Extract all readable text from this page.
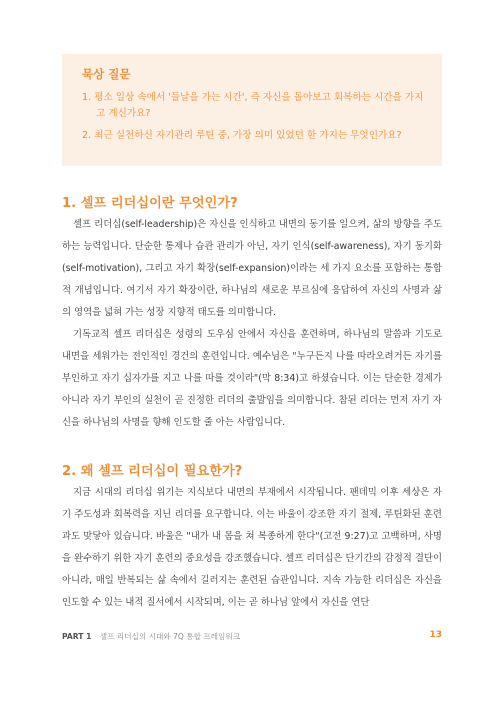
묵상 질문

1. 평소 일상 속에서 '들날을 가는 시간', 즉 자신을 돌아보고 회복하는 시간을 가지고 계신가요?

2. 최근 실천하신 자기관리 루틴 중, 가장 의미 있었던 한 가지는 무엇인가요?

1. 셀프 리더십이란 무엇인가?

셀프 리더십(self-leadership)은 자신을 인식하고 내면의 동기를 일으켜, 삶의 방향을 주도하는 능력입니다. 단순한 통제나 습관 관리가 아닌, 자기 인식(self-awareness), 자기 동기화(self-motivation), 그리고 자기 확장(self-expansion)이라는 세 가지 요소를 포함하는 통합적 개념입니다. 여기서 자기 확장이란, 하나님의 새로운 부르심에 응답하여 자신의 사명과 삶의 영역을 넓혀 가는 성장 지향적 태도를 의미합니다.

기독교적 셀프 리더십은 성령의 도우심 안에서 자신을 훈련하며, 하나님의 말씀과 기도로 내면을 세워가는 전인적인 경건의 훈련입니다. 예수님은 "누구든지 나를 따라오려거든 자기를 부인하고 자기 십자가를 지고 나를 따를 것이라"(막 8:34)고 하셨습니다. 이는 단순한 경제가 아니라 자기 부인의 실천이 곧 진정한 리더의 출발임을 의미합니다. 참된 리더는 먼저 자기 자신을 하나님의 사명을 향해 인도할 줄 아는 사람입니다.

2. 왜 셀프 리더십이 필요한가?

지금 시대의 리더십 위기는 지식보다 내면의 부재에서 시작됩니다. 팬데믹 이후 세상은 자기 주도성과 회복력을 지닌 리더를 요구합니다. 이는 바울이 강조한 자기 절제, 루틴화된 훈련과도 맞닿아 있습니다. 바울은 "내가 내 몸을 쳐 복종하게 한다"(고전 9:27)고 고백하며, 사명을 완수하기 위한 자기 훈련의 중요성을 강조했습니다. 셀프 리더십은 단기간의 감정적 결단이 아니라, 매일 반복되는 삶 속에서 길러지는 훈련된 습관입니다. 지속 가능한 리더십은 자신을 인도할 수 있는 내적 질서에서 시작되며, 이는 곧 하나님 앞에서 자신을 연단

PART 1 셀프 리더십의 시대와 7Q 통합 프레임워크	13
